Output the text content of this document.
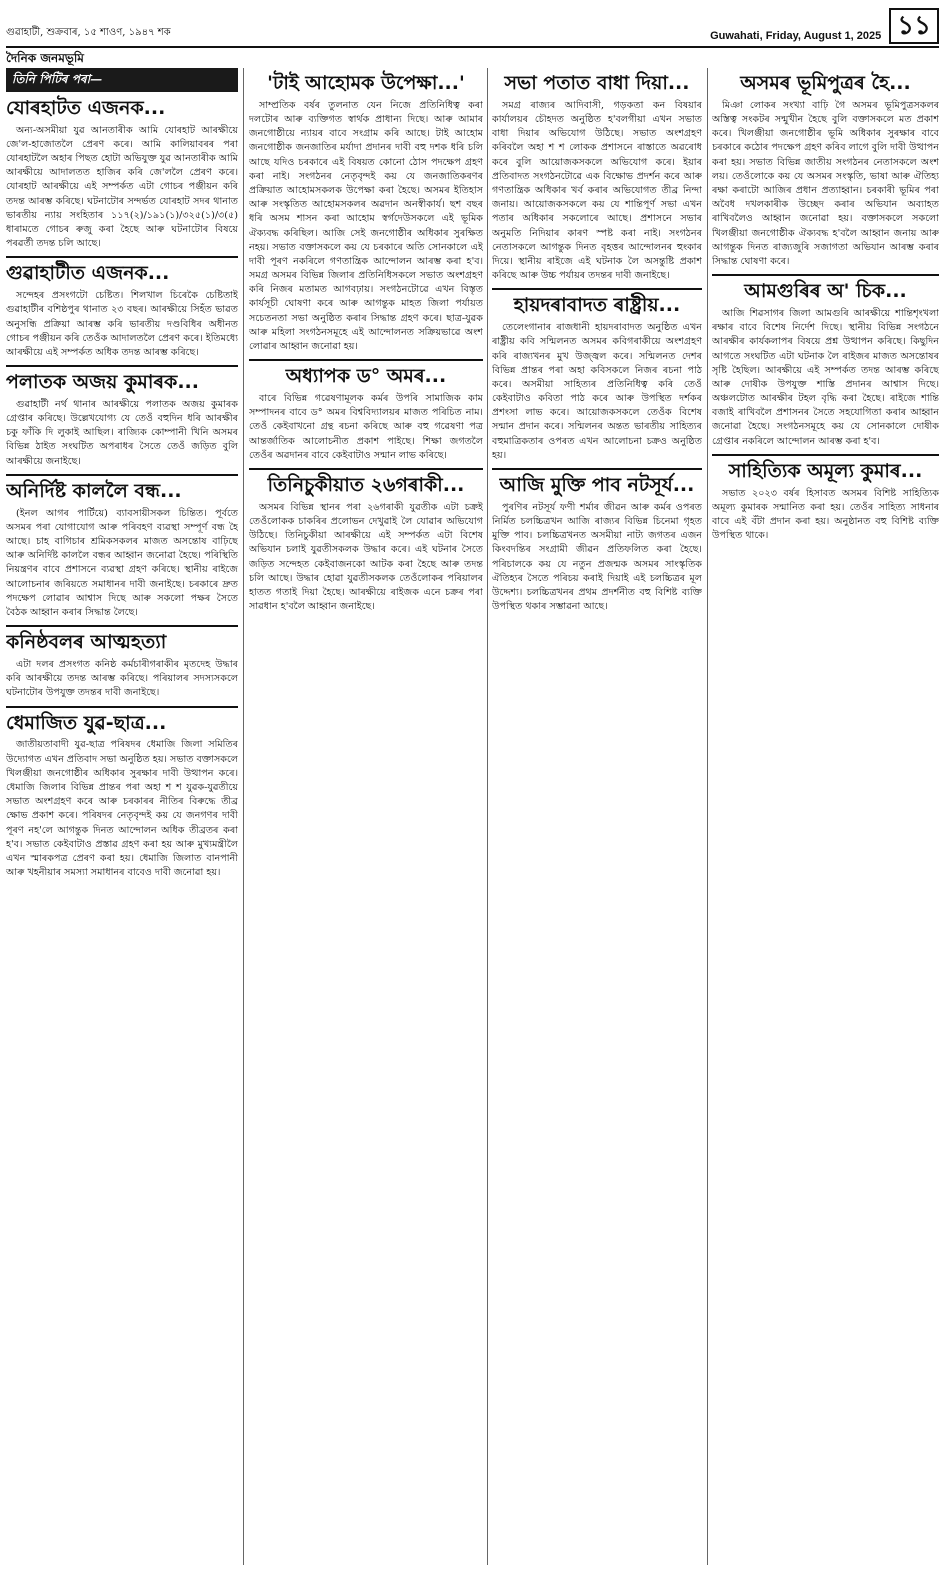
গুৱাহাটী, শুক্ৰবাৰ, ১৫ শাওণ, ১৯৪৭ শক	Guwahati, Friday, August 1, 2025 ১১
দৈনিক জনমভূমি
তিনি পিটিৰ পৰা—
যোৰহাটত এজনক...

অন্য-অসমীয়া যুৱ আনতাৰীক আমি যোৰহাট আৰক্ষীয়ে জে'ল-হাজোতলৈ প্ৰেৰণ কৰে। আমি কালিয়াবৰৰ পৰা যোৰহাটলৈ অহাৰ পিছত হোটা অভিযুক্ত যুৱ আনতাৰীক আমি আৰক্ষীয়ে আদালতত হাজিৰ কৰি জে'ললৈ প্ৰেৰণ কৰে। যোৰহাট আৰক্ষীয়ে এই সম্পৰ্কত এটা গোচৰ পঞ্জীয়ন কৰি তদন্ত আৰম্ভ কৰিছে। ঘটনাটোৰ সন্দৰ্ভত যোৰহাট সদৰ থানাত ভাৰতীয় ন্যায় সংহিতাৰ ১১৭(২)/১৯১(১)/৩২৫(১)/৩(৫) ধাৰামতে গোচৰ ৰুজু কৰা হৈছে আৰু ঘটনাটোৰ বিষয়ে পৰৱৰ্তী তদন্ত চলি আছে।

গুৱাহাটীত এজনক...

সন্দেহৰ প্ৰসংগটো চেষ্টিত। শিলখাল চিৰেকৈ চেষ্টিতাই গুৱাহাটীৰ বশিষ্ঠপুৰ থানাত ২৩ বছৰ। আৰক্ষীয়ে সিহঁত ভাৱত অনুসন্ধি প্ৰক্ৰিয়া আৰম্ভ কৰি ভাৰতীয় দণ্ডবিধিৰ অধীনত গোচৰ পঞ্জীয়ন কৰি তেওঁক আদালতলৈ প্ৰেৰণ কৰে। ইতিমধ্যে আৰক্ষীয়ে এই সম্পৰ্কত অধিক তদন্ত আৰম্ভ কৰিছে।

পলাতক অজয় কুমাৰক...

গুৱাহাটী নৰ্থ থানাৰ আৰক্ষীয়ে পলাতক অজয় কুমাৰক গ্ৰেপ্তাৰ কৰিছে। উল্লেখযোগ্য যে তেওঁ বহুদিন ধৰি আৰক্ষীৰ চকু ফাঁকি দি লুকাই আছিল। ৰাজ্যিক কোম্পানী খিনি অসমৰ বিভিন্ন ঠাইত সংঘটিত অপৰাধৰ সৈতে তেওঁ জড়িত বুলি আৰক্ষীয়ে জনাইছে।

অনিৰ্দিষ্ট কাললৈ বন্ধ...

(ইনল আগৰ পাৰ্টিয়ে) ব্যাবসায়ীসকল চিন্তিত। পূৰ্বতে অসমৰ পৰা যোগাযোগ আৰু পৰিবহণ ব্যৱস্থা সম্পূৰ্ণ বন্ধ হৈ আছে। চাহ বাগিচাৰ শ্ৰমিকসকলৰ মাজত অসন্তোষ বাঢ়িছে আৰু অনিৰ্দিষ্ট কাললৈ বন্ধৰ আহ্বান জনোৱা হৈছে। পৰিস্থিতি নিয়ন্ত্ৰণৰ বাবে প্ৰশাসনে ব্যৱস্থা গ্ৰহণ কৰিছে। স্থানীয় ৰাইজে আলোচনাৰ জৰিয়তে সমাধানৰ দাবী জনাইছে। চৰকাৰে দ্ৰুত পদক্ষেপ লোৱাৰ আশ্বাস দিছে আৰু সকলো পক্ষৰ সৈতে বৈঠক আহ্বান কৰাৰ সিদ্ধান্ত লৈছে।

কনিষ্ঠবলৰ আত্মহত্যা

এটা দলৰ প্ৰসংগত কনিষ্ঠ কৰ্মচাৰীগৰাকীৰ মৃতদেহ উদ্ধাৰ কৰি আৰক্ষীয়ে তদন্ত আৰম্ভ কৰিছে। পৰিয়ালৰ সদস্যসকলে ঘটনাটোৰ উপযুক্ত তদন্তৰ দাবী জনাইছে।

ধেমাজিত যুৱ-ছাত্ৰ...

জাতীয়তাবাদী যুৱ-ছাত্ৰ পৰিষদৰ ধেমাজি জিলা সমিতিৰ উদ্যোগত এখন প্ৰতিবাদ সভা অনুষ্ঠিত হয়। সভাত বক্তাসকলে খিলঞ্জীয়া জনগোষ্ঠীৰ অধিকাৰ সুৰক্ষাৰ দাবী উত্থাপন কৰে। ধেমাজি জিলাৰ বিভিন্ন প্ৰান্তৰ পৰা অহা শ শ যুৱক-যুৱতীয়ে সভাত অংশগ্ৰহণ কৰে আৰু চৰকাৰৰ নীতিৰ বিৰুদ্ধে তীব্ৰ ক্ষোভ প্ৰকাশ কৰে। পৰিষদৰ নেতৃবৃন্দই কয় যে জনগণৰ দাবী পূৰণ নহ'লে আগন্তুক দিনত আন্দোলন অধিক তীব্ৰতৰ কৰা হ'ব। সভাত কেইবাটাও প্ৰস্তাৱ গ্ৰহণ কৰা হয় আৰু মুখ্যমন্ত্ৰীলৈ এখন স্মাৰকপত্ৰ প্ৰেৰণ কৰা হয়। ধেমাজি জিলাত বানপানী আৰু খহনীয়াৰ সমস্যা সমাধানৰ বাবেও দাবী জনোৱা হয়।

'টাই আহোমক উপেক্ষা...'

সাম্প্ৰতিক বৰ্ষৰ তুলনাত যেন নিজে প্ৰতিনিধিত্ব কৰা দলটোৰ আৰু ব্যক্তিগত স্বাৰ্থক প্ৰাধান্য দিছে। আৰু আমাৰ জনগোষ্ঠীয়ে ন্যায়ৰ বাবে সংগ্ৰাম কৰি আছে। টাই আহোম জনগোষ্ঠীক জনজাতিৰ মৰ্যাদা প্ৰদানৰ দাবী বহু দশক ধৰি চলি আছে যদিও চৰকাৰে এই বিষয়ত কোনো ঠোস পদক্ষেপ গ্ৰহণ কৰা নাই। সংগঠনৰ নেতৃবৃন্দই কয় যে জনজাতিকৰণৰ প্ৰক্ৰিয়াত আহোমসকলক উপেক্ষা কৰা হৈছে। অসমৰ ইতিহাস আৰু সংস্কৃতিত আহোমসকলৰ অৱদান অনস্বীকাৰ্য। ছশ বছৰ ধৰি অসম শাসন কৰা আহোম স্বৰ্গদেউসকলে এই ভূমিক ঐক্যবদ্ধ কৰিছিল। আজি সেই জনগোষ্ঠীৰ অধিকাৰ সুৰক্ষিত নহয়। সভাত বক্তাসকলে কয় যে চৰকাৰে অতি সোনকালে এই দাবী পূৰণ নকৰিলে গণতান্ত্ৰিক আন্দোলন আৰম্ভ কৰা হ'ব। সমগ্ৰ অসমৰ বিভিন্ন জিলাৰ প্ৰতিনিধিসকলে সভাত অংশগ্ৰহণ কৰি নিজৰ মতামত আগবঢ়ায়। সংগঠনটোৱে এখন বিস্তৃত কাৰ্যসূচী ঘোষণা কৰে আৰু আগন্তুক মাহত জিলা পৰ্যায়ত সচেতনতা সভা অনুষ্ঠিত কৰাৰ সিদ্ধান্ত গ্ৰহণ কৰে। ছাত্ৰ-যুৱক আৰু মহিলা সংগঠনসমূহে এই আন্দোলনত সক্ৰিয়ভাৱে অংশ লোৱাৰ আহ্বান জনোৱা হয়।

অধ্যাপক ড° অমৰ...

বাৰে বিভিন্ন গৱেষণামূলক কৰ্মৰ উপৰি সামাজিক কাম সম্পাদনৰ বাবে ড° অমৰ বিশ্ববিদ্যালয়ৰ মাজত পৰিচিত নাম। তেওঁ কেইবাখনো গ্ৰন্থ ৰচনা কৰিছে আৰু বহু গৱেষণা পত্ৰ আন্তৰ্জাতিক আলোচনীত প্ৰকাশ পাইছে। শিক্ষা জগতলৈ তেওঁৰ অৱদানৰ বাবে কেইবাটাও সন্মান লাভ কৰিছে।

তিনিচুকীয়াত ২৬গৰাকী...

অসমৰ বিভিন্ন স্থানৰ পৰা ২৬গৰাকী যুৱতীক এটা চক্ৰই তেওঁলোকক চাকৰিৰ প্ৰলোভন দেখুৱাই লৈ যোৱাৰ অভিযোগ উঠিছে। তিনিচুকীয়া আৰক্ষীয়ে এই সম্পৰ্কত এটা বিশেষ অভিযান চলাই যুৱতীসকলক উদ্ধাৰ কৰে। এই ঘটনাৰ সৈতে জড়িত সন্দেহত কেইবাজনকো আটক কৰা হৈছে আৰু তদন্ত চলি আছে। উদ্ধাৰ হোৱা যুৱতীসকলক তেওঁলোকৰ পৰিয়ালৰ হাতত গতাই দিয়া হৈছে। আৰক্ষীয়ে ৰাইজক এনে চক্ৰৰ পৰা সাৱধান হ'বলৈ আহ্বান জনাইছে।

সভা পতাত বাধা দিয়া...

সমগ্ৰ ৰাজ্যৰ আদিবাসী, গড়কতা কন বিষয়াৰ কাৰ্যালয়ৰ চৌহদত অনুষ্ঠিত হ'বলগীয়া এখন সভাত বাধা দিয়াৰ অভিযোগ উঠিছে। সভাত অংশগ্ৰহণ কৰিবলৈ অহা শ শ লোকক প্ৰশাসনে ৰাস্তাতে অৱৰোধ কৰে বুলি আয়োজকসকলে অভিযোগ কৰে। ইয়াৰ প্ৰতিবাদত সংগঠনটোৱে এক বিক্ষোভ প্ৰদৰ্শন কৰে আৰু গণতান্ত্ৰিক অধিকাৰ খৰ্ব কৰাৰ অভিযোগত তীব্ৰ নিন্দা জনায়। আয়োজকসকলে কয় যে শান্তিপূৰ্ণ সভা এখন পতাৰ অধিকাৰ সকলোৰে আছে। প্ৰশাসনে সভাৰ অনুমতি নিদিয়াৰ কাৰণ স্পষ্ট কৰা নাই। সংগঠনৰ নেতাসকলে আগন্তুক দিনত বৃহত্তৰ আন্দোলনৰ হুংকাৰ দিয়ে। স্থানীয় ৰাইজে এই ঘটনাক লৈ অসন্তুষ্টি প্ৰকাশ কৰিছে আৰু উচ্চ পৰ্যায়ৰ তদন্তৰ দাবী জনাইছে।

হায়দৰাবাদত ৰাষ্ট্ৰীয়...

তেলেংগানাৰ ৰাজধানী হায়দৰাবাদত অনুষ্ঠিত এখন ৰাষ্ট্ৰীয় কবি সন্মিলনত অসমৰ কবিগৰাকীয়ে অংশগ্ৰহণ কৰি ৰাজ্যখনৰ মুখ উজ্জ্বল কৰে। সন্মিলনত দেশৰ বিভিন্ন প্ৰান্তৰ পৰা অহা কবিসকলে নিজৰ ৰচনা পাঠ কৰে। অসমীয়া সাহিত্যৰ প্ৰতিনিধিত্ব কৰি তেওঁ কেইবাটাও কবিতা পাঠ কৰে আৰু উপস্থিত দৰ্শকৰ প্ৰশংসা লাভ কৰে। আয়োজকসকলে তেওঁক বিশেষ সন্মান প্ৰদান কৰে। সন্মিলনৰ অন্তত ভাৰতীয় সাহিত্যৰ বহুমাত্ৰিকতাৰ ওপৰত এখন আলোচনা চক্ৰও অনুষ্ঠিত হয়।

আজি মুক্তি পাব নটসূৰ্য...

পুৰণিৰ নটসূৰ্য ফণী শৰ্মাৰ জীৱন আৰু কৰ্মৰ ওপৰত নিৰ্মিত চলচ্চিত্ৰখন আজি ৰাজ্যৰ বিভিন্ন চিনেমা গৃহত মুক্তি পাব। চলচ্চিত্ৰখনত অসমীয়া নাট্য জগতৰ এজন কিংবদন্তিৰ সংগ্ৰামী জীৱন প্ৰতিফলিত কৰা হৈছে। পৰিচালকে কয় যে নতুন প্ৰজন্মক অসমৰ সাংস্কৃতিক ঐতিহ্যৰ সৈতে পৰিচয় কৰাই দিয়াই এই চলচ্চিত্ৰৰ মূল উদ্দেশ্য। চলচ্চিত্ৰখনৰ প্ৰথম প্ৰদৰ্শনীত বহু বিশিষ্ট ব্যক্তি উপস্থিত থকাৰ সম্ভাৱনা আছে।

অসমৰ ভূমিপুত্ৰৰ হৈ...

মিঞা লোকৰ সংখ্যা বাঢ়ি গৈ অসমৰ ভূমিপুত্ৰসকলৰ অস্তিত্ব সংকটৰ সন্মুখীন হৈছে বুলি বক্তাসকলে মত প্ৰকাশ কৰে। খিলঞ্জীয়া জনগোষ্ঠীৰ ভূমি অধিকাৰ সুৰক্ষাৰ বাবে চৰকাৰে কঠোৰ পদক্ষেপ গ্ৰহণ কৰিব লাগে বুলি দাবী উত্থাপন কৰা হয়। সভাত বিভিন্ন জাতীয় সংগঠনৰ নেতাসকলে অংশ লয়। তেওঁলোকে কয় যে অসমৰ সংস্কৃতি, ভাষা আৰু ঐতিহ্য ৰক্ষা কৰাটো আজিৰ প্ৰধান প্ৰত্যাহ্বান। চৰকাৰী ভূমিৰ পৰা অবৈধ দখলকাৰীক উচ্ছেদ কৰাৰ অভিযান অব্যাহত ৰাখিবলৈও আহ্বান জনোৱা হয়। বক্তাসকলে সকলো খিলঞ্জীয়া জনগোষ্ঠীক ঐক্যবদ্ধ হ'বলৈ আহ্বান জনায় আৰু আগন্তুক দিনত ৰাজ্যজুৰি সজাগতা অভিযান আৰম্ভ কৰাৰ সিদ্ধান্ত ঘোষণা কৰে।

আমগুৰিৰ অ' চিক...

আজি শিৱসাগৰ জিলা আমগুৰি আৰক্ষীয়ে শান্তিশৃংখলা ৰক্ষাৰ বাবে বিশেষ নিৰ্দেশ দিছে। স্থানীয় বিভিন্ন সংগঠনে আৰক্ষীৰ কাৰ্যকলাপৰ বিষয়ে প্ৰশ্ন উত্থাপন কৰিছে। কিছুদিন আগতে সংঘটিত এটা ঘটনাক লৈ ৰাইজৰ মাজত অসন্তোষৰ সৃষ্টি হৈছিল। আৰক্ষীয়ে এই সম্পৰ্কত তদন্ত আৰম্ভ কৰিছে আৰু দোষীক উপযুক্ত শাস্তি প্ৰদানৰ আশ্বাস দিছে। অঞ্চলটোত আৰক্ষীৰ টহল বৃদ্ধি কৰা হৈছে। ৰাইজে শান্তি বজাই ৰাখিবলৈ প্ৰশাসনৰ সৈতে সহযোগিতা কৰাৰ আহ্বান জনোৱা হৈছে। সংগঠনসমূহে কয় যে সোনকালে দোষীক গ্ৰেপ্তাৰ নকৰিলে আন্দোলন আৰম্ভ কৰা হ'ব।

সাহিত্যিক অমূল্য কুমাৰ...

সভাত ২০২৩ বৰ্ষৰ হিসাবত অসমৰ বিশিষ্ট সাহিত্যিক অমূল্য কুমাৰক সন্মানিত কৰা হয়। তেওঁৰ সাহিত্য সাধনাৰ বাবে এই বঁটা প্ৰদান কৰা হয়। অনুষ্ঠানত বহু বিশিষ্ট ব্যক্তি উপস্থিত থাকে।
